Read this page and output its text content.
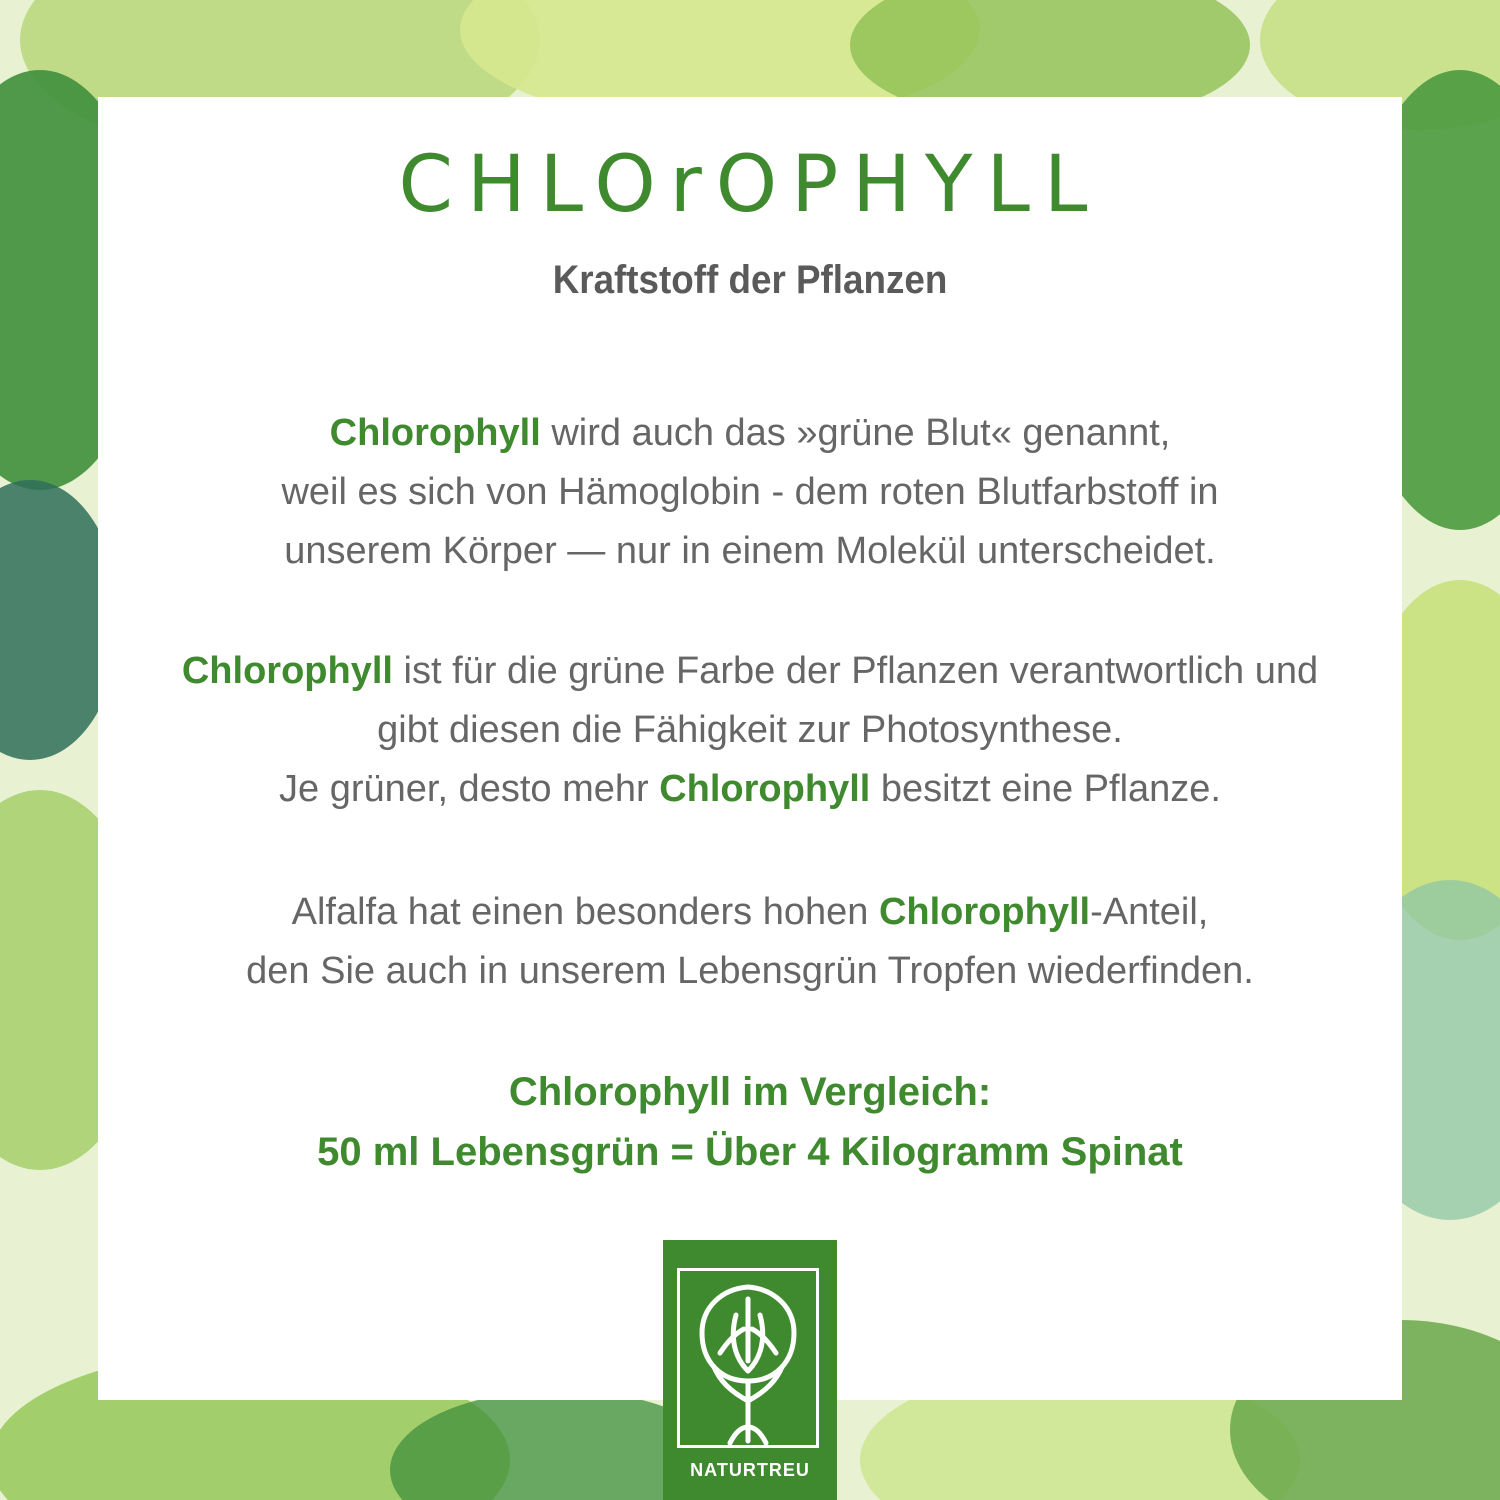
CHLOrOPHYLL

Kraftstoff der Pflanzen

Chlorophyll wird auch das »grüne Blut« genannt,
weil es sich von Hämoglobin - dem roten Blutfarbstoff in
unserem Körper — nur in einem Molekül unterscheidet.

Chlorophyll ist für die grüne Farbe der Pflanzen verantwortlich und
gibt diesen die Fähigkeit zur Photosynthese.
Je grüner, desto mehr Chlorophyll besitzt eine Pflanze.

Alfalfa hat einen besonders hohen Chlorophyll-Anteil,
den Sie auch in unserem Lebensgrün Tropfen wiederfinden.

Chlorophyll im Vergleich:
50 ml Lebensgrün = Über 4 Kilogramm Spinat

NATURTREU
